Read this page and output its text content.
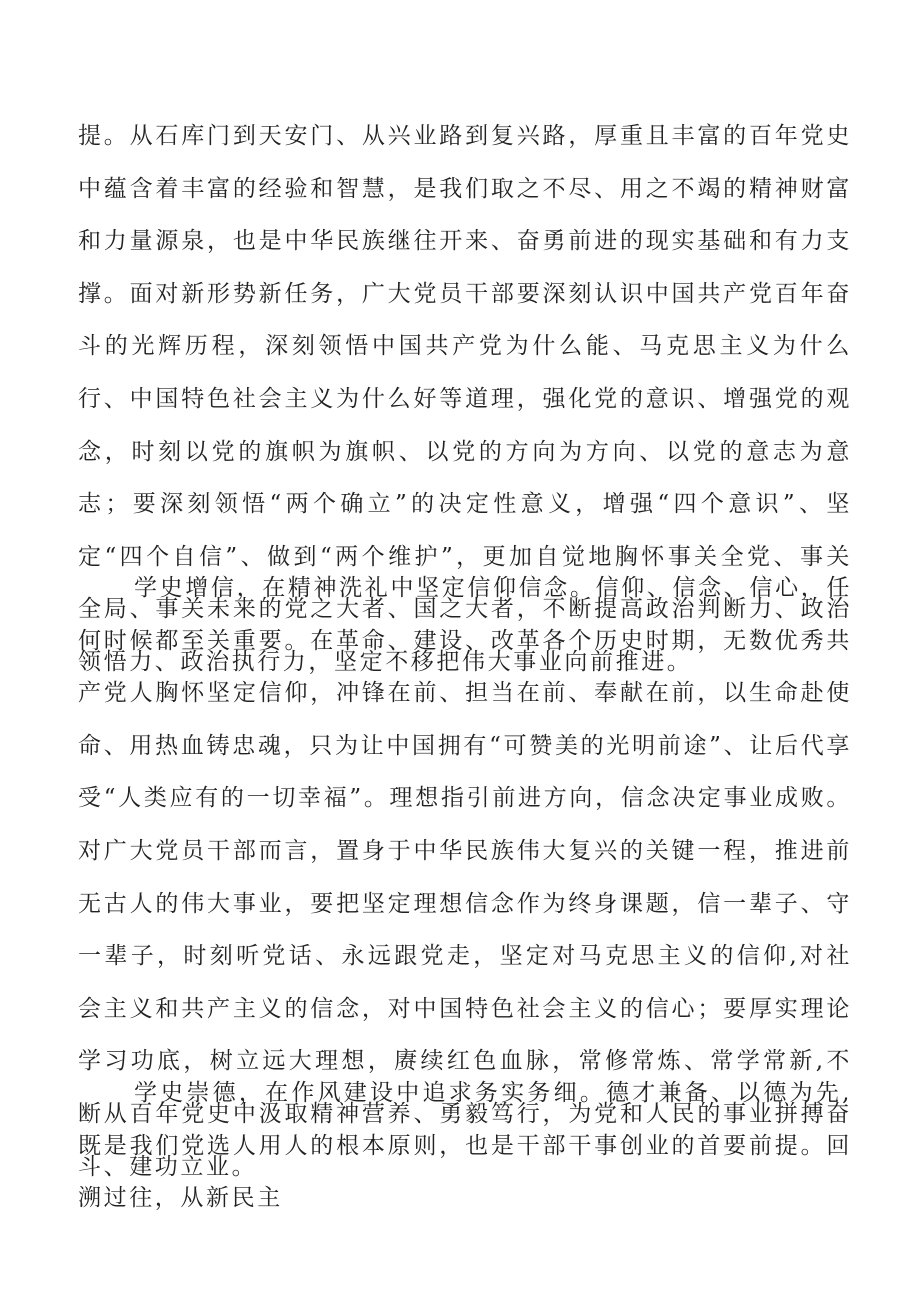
提。从石库门到天安门、从兴业路到复兴路，厚重且丰富的百年党史中蕴含着丰富的经验和智慧，是我们取之不尽、用之不竭的精神财富和力量源泉，也是中华民族继往开来、奋勇前进的现实基础和有力支撑。面对新形势新任务，广大党员干部要深刻认识中国共产党百年奋斗的光辉历程，深刻领悟中国共产党为什么能、马克思主义为什么行、中国特色社会主义为什么好等道理，强化党的意识、增强党的观念，时刻以党的旗帜为旗帜、以党的方向为方向、以党的意志为意志；要深刻领悟“两个确立”的决定性意义，增强“四个意识”、坚定“四个自信”、做到“两个维护”，更加自觉地胸怀事关全党、事关全局、事关未来的党之大者、国之大者，不断提高政治判断力、政治领悟力、政治执行力，坚定不移把伟大事业向前推进。

学史增信，在精神洗礼中坚定信仰信念。信仰、信念、信心，任何时候都至关重要。在革命、建设、改革各个历史时期，无数优秀共产党人胸怀坚定信仰，冲锋在前、担当在前、奉献在前，以生命赴使命、用热血铸忠魂，只为让中国拥有“可赞美的光明前途”、让后代享受“人类应有的一切幸福”。理想指引前进方向，信念决定事业成败。对广大党员干部而言，置身于中华民族伟大复兴的关键一程，推进前无古人的伟大事业，要把坚定理想信念作为终身课题，信一辈子、守一辈子，时刻听党话、永远跟党走，坚定对马克思主义的信仰,对社会主义和共产主义的信念，对中国特色社会主义的信心；要厚实理论学习功底，树立远大理想，赓续红色血脉，常修常炼、常学常新,不断从百年党史中汲取精神营养、勇毅笃行，为党和人民的事业拼搏奋斗、建功立业。

学史崇德，在作风建设中追求务实务细。德才兼备、以德为先,既是我们党选人用人的根本原则，也是干部干事创业的首要前提。回溯过往，从新民主
